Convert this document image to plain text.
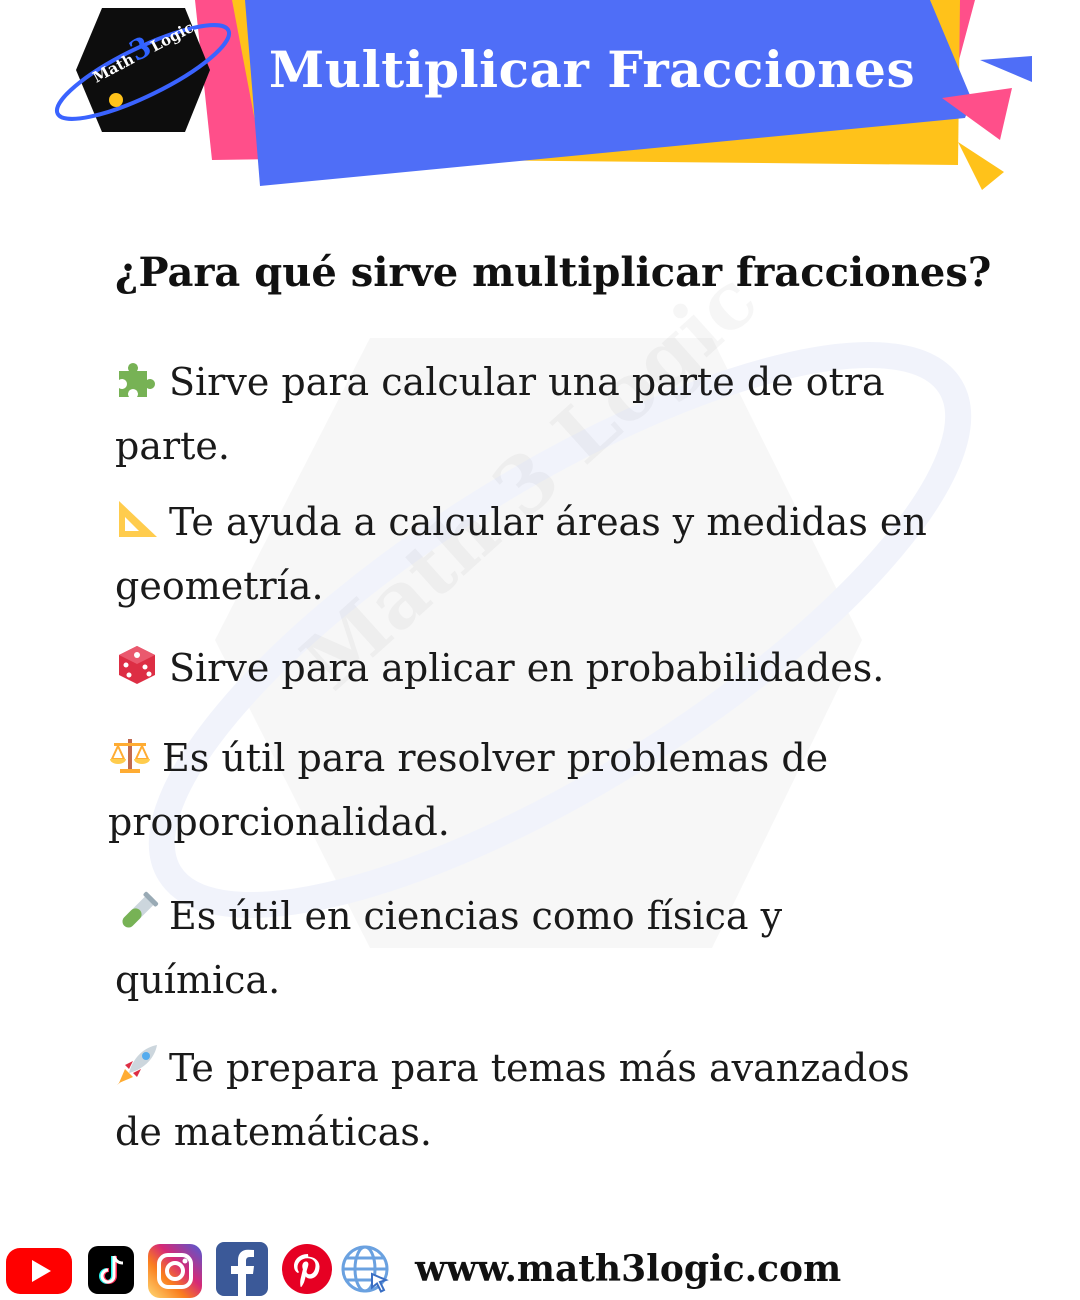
Math3Logic
Multiplicar Fracciones
¿Para qué sirve multiplicar fracciones?
Sirve para calcular una parte de otra
parte.
Te ayuda a calcular áreas y medidas en
geometría.
Sirve para aplicar en probabilidades.
Es útil para resolver problemas de
proporcionalidad.
Es útil en ciencias como física y
química.
Te prepara para temas más avanzados
de matemáticas.
www.math3logic.com
